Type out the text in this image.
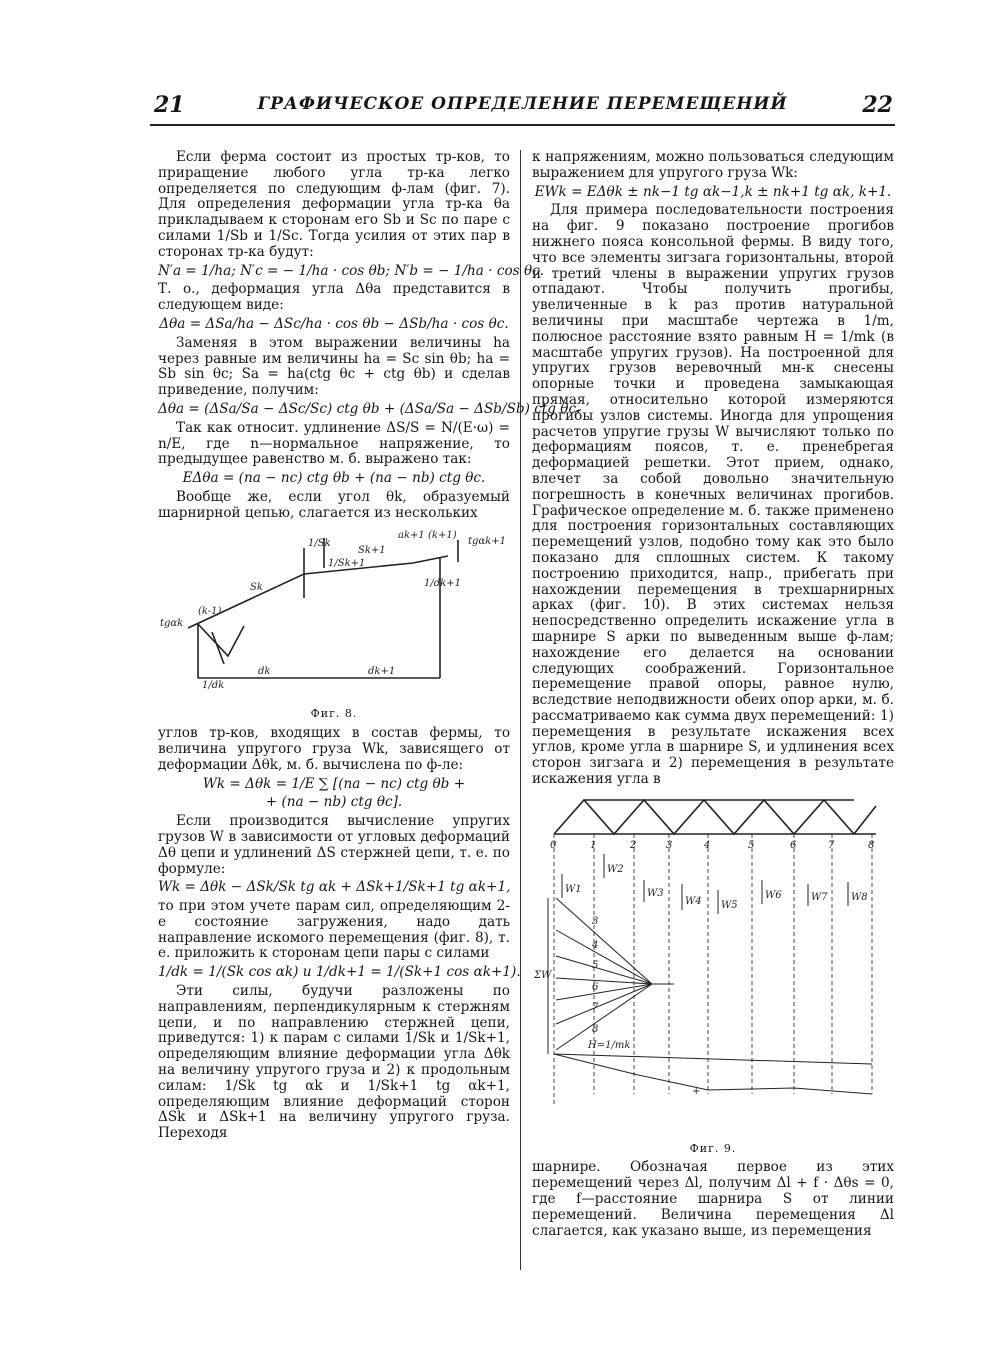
21	ГРАФИЧЕСКОЕ ОПРЕДЕЛЕНИЕ ПЕРЕМЕЩЕНИЙ	22

Если ферма состоит из простых тр-ков, то приращение любого угла тр-ка легко определяется по следующим ф-лам (фиг. 7). Для определения деформации угла тр-ка θa прикладываем к сторонам его Sb и Sc по паре с силами 1/Sb и 1/Sc. Тогда усилия от этих пар в сторонах тр-ка будут:

N′a = 1/ha; N′c = − 1/ha · cos θb; N′b = − 1/ha · cos θc.

Т. о., деформация угла Δθa представится в следующем виде:

Δθa = ΔSa/ha − ΔSc/ha · cos θb − ΔSb/ha · cos θc.

Заменяя в этом выражении величины ha через равные им величины ha = Sc sin θb; ha = Sb sin θc; Sa = ha(ctg θc + ctg θb) и сделав приведение, получим:

Δθa = (ΔSa/Sa − ΔSc/Sc) ctg θb + (ΔSa/Sa − ΔSb/Sb) ctg θc.

Так как относит. удлинение ΔS/S = N/(E·ω) = n/E, где n—нормальное напряжение, то предыдущее равенство м. б. выражено так:

EΔθa = (na − nc) ctg θb + (na − nb) ctg θc.

Вообще же, если угол θk, образуемый шарнирной цепью, слагается из нескольких

Sk
Sk+1
ak+1 (k+1)
tgαk+1
tgαk
(k-1)
dk	dk+1
1/Sk
1/Sk+1
1/dk
1/dk+1
Фиг. 8.

углов тр-ков, входящих в состав фермы, то величина упругого груза Wk, зависящего от деформации Δθk, м. б. вычислена по ф-ле:

Wk = Δθk = 1/E ∑ [(na − nc) ctg θb +

+ (na − nb) ctg θc].

Если производится вычисление упругих грузов W в зависимости от угловых деформаций Δθ цепи и удлинений ΔS стержней цепи, т. е. по формуле:

Wk = Δθk − ΔSk/Sk tg αk + ΔSk+1/Sk+1 tg αk+1,

то при этом учете парам сил, определяющим 2-е состояние загружения, надо дать направление искомого перемещения (фиг. 8), т. е. приложить к сторонам цепи пары с силами

1/dk = 1/(Sk cos αk) и 1/dk+1 = 1/(Sk+1 cos αk+1).

Эти силы, будучи разложены по направлениям, перпендикулярным к стержням цепи, и по направлению стержней цепи, приведутся: 1) к парам с силами 1/Sk и 1/Sk+1, определяющим влияние деформации угла Δθk на величину упругого груза и 2) к продольным силам: 1/Sk tg αk и 1/Sk+1 tg αk+1, определяющим влияние деформаций сторон ΔSk и ΔSk+1 на величину упругого груза. Переходя

к напряжениям, можно пользоваться следующим выражением для упругого груза Wk:

EWk = EΔθk ± nk−1 tg αk−1,k ± nk+1 tg αk, k+1.

Для примера последовательности построения на фиг. 9 показано построение прогибов нижнего пояса консольной фермы. В виду того, что все элементы зигзага горизонтальны, второй и третий члены в выражении упругих грузов отпадают. Чтобы получить прогибы, увеличенные в k раз против натуральной величины при масштабе чертежа в 1/m, полюсное расстояние взято равным H = 1/mk (в масштабе упругих грузов). На построенной для упругих грузов веревочный мн-к снесены опорные точки и проведена замыкающая прямая, относительно которой измеряются прогибы узлов системы. Иногда для упрощения расчетов упругие грузы W вычисляют только по деформациям поясов, т. е. пренебрегая деформацией решетки. Этот прием, однако, влечет за собой довольно значительную погрешность в конечных величинах прогибов. Графическое определение м. б. также применено для построения горизонтальных составляющих перемещений узлов, подобно тому как это было показано для сплошных систем. К такому построению приходится, напр., прибегать при нахождении перемещения в трехшарнирных арках (фиг. 10). В этих системах нельзя непосредственно определить искажение угла в шарнире S арки по выведенным выше ф-лам; нахождение его делается на основании следующих соображений. Горизонтальное перемещение правой опоры, равное нулю, вследствие неподвижности обеих опор арки, м. б. рассматриваемо как сумма двух перемещений: 1) перемещения в результате искажения всех углов, кроме угла в шарнире S, и удлинения всех сторон зигзага и 2) перемещения в результате искажения угла в

0	1	2	3	4	5	6	7	8
W1
W2
W3
W4 W5
W6	W7 W8
3
4
5
6
7
8
H=1/mk
ΣW
+
Фиг. 9.

шарнире. Обозначая первое из этих перемещений через Δl, получим Δl + f · Δθs = 0, где f—расстояние шарнира S от линии перемещений. Величина перемещения Δl слагается, как указано выше, из перемещения
